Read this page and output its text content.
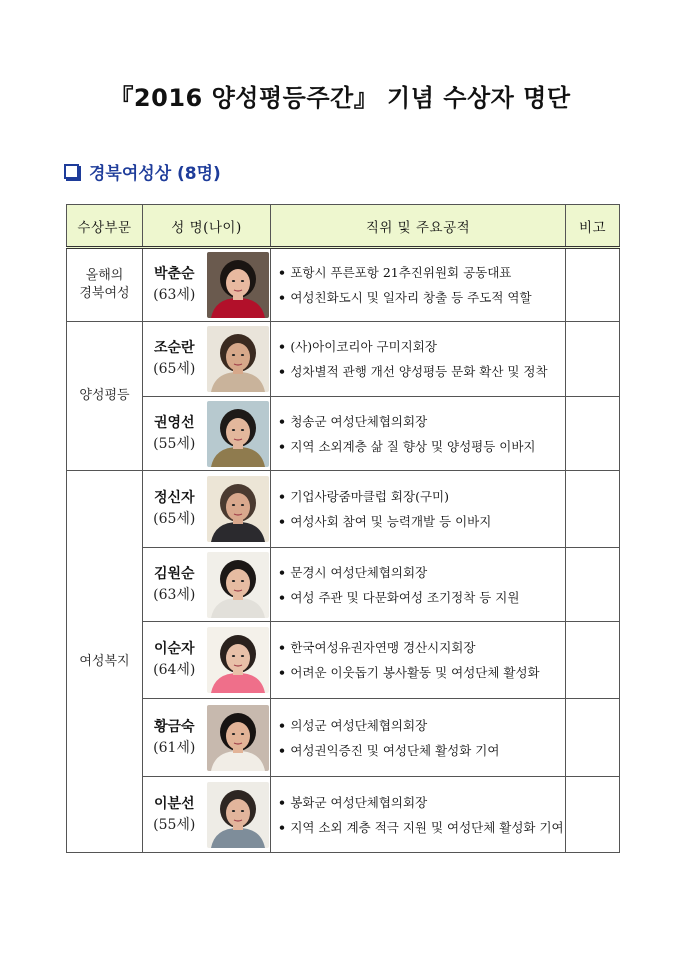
『2016 양성평등주간』 기념 수상자 명단
경북여성상 (8명)
수상부문	성 명(나이)		직위 및 주요공적	비고
올해의
경북여성	박춘순
(63세)		• 포항시 푸른포항 21추진위원회 공동대표
• 여성친화도시 및 일자리 창출 등 주도적 역할

양성평등	조순란
(65세)		• (사)아이코리아 구미지회장
• 성차별적 관행 개선 양성평등 문화 확산 및 정착

	권영선
(55세)		• 청송군 여성단체협의회장
• 지역 소외계층 삶 질 향상 및 양성평등 이바지

여성복지	정신자
(65세)		• 기업사랑줌마클럽 회장(구미)
• 여성사회 참여 및 능력개발 등 이바지

	김원순
(63세)		• 문경시 여성단체협의회장
• 여성 주관 및 다문화여성 조기정착 등 지원

	이순자
(64세)		• 한국여성유권자연맹 경산시지회장
• 어려운 이웃돕기 봉사활동 및 여성단체 활성화

	황금숙
(61세)		• 의성군 여성단체협의회장
• 여성권익증진 및 여성단체 활성화 기여

	이분선
(55세)		• 봉화군 여성단체협의회장
• 지역 소외 계층 적극 지원 및 여성단체 활성화 기여
